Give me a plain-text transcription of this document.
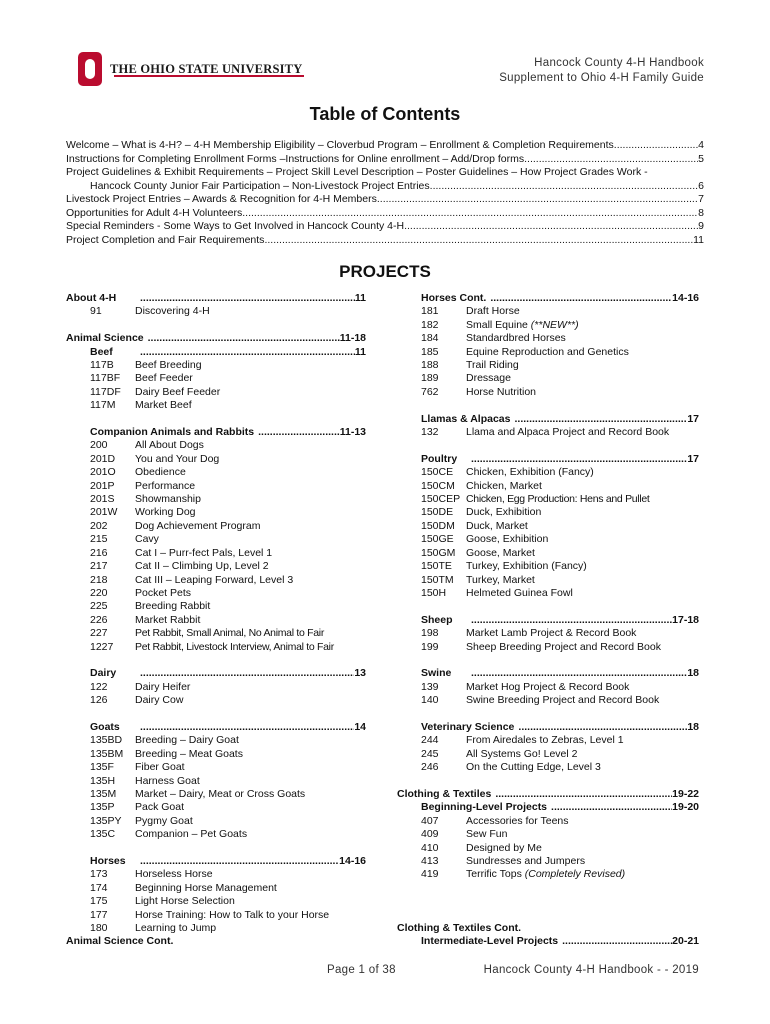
THE OHIO STATE UNIVERSITY	Hancock County 4-H Handbook
Supplement to Ohio 4-H Family Guide
Table of Contents
Welcome – What is 4-H? – 4-H Membership Eligibility – Cloverbud Program – Enrollment & Completion Requirements .....	4
Instructions for Completing Enrollment Forms –Instructions for Online enrollment – Add/Drop forms .....	5
Project Guidelines & Exhibit Requirements – Project Skill Level Description – Poster Guidelines – How Project Grades Work -
Hancock County Junior Fair Participation – Non-Livestock Project Entries .....	6
Livestock Project Entries – Awards & Recognition for 4-H Members .....	7
Opportunities for Adult 4-H Volunteers .....	8
Special Reminders - Some Ways to Get Involved in Hancock County 4-H .....	9
Project Completion and Fair Requirements .....	11
PROJECTS
About 4-H .....	11
91	Discovering 4-H
Animal Science .....	11-18
Beef .....	11
117B	Beef Breeding
117BF	Beef Feeder
117DF	Dairy Beef Feeder
117M	Market Beef
Companion Animals and Rabbits .....	11-13
200	All About Dogs
201D	You and Your Dog
201O	Obedience
201P	Performance
201S	Showmanship
201W	Working Dog
202	Dog Achievement Program
215	Cavy
216	Cat I – Purr-fect Pals, Level 1
217	Cat II – Climbing Up, Level 2
218	Cat III – Leaping Forward, Level 3
220	Pocket Pets
225	Breeding Rabbit
226	Market Rabbit
227	Pet Rabbit, Small Animal, No Animal to Fair
1227	Pet Rabbit, Livestock Interview, Animal to Fair
Dairy .....	13
122	Dairy Heifer
126	Dairy Cow
Goats .....	14
135BD	Breeding – Dairy Goat
135BM	Breeding – Meat Goats
135F	Fiber Goat
135H	Harness Goat
135M	Market – Dairy, Meat or Cross Goats
135P	Pack Goat
135PY	Pygmy Goat
135C	Companion – Pet Goats
Horses .....	14-16
173	Horseless Horse
174	Beginning Horse Management
175	Light Horse Selection
177	Horse Training: How to Talk to your Horse
180	Learning to Jump
Animal Science Cont.
Horses Cont. .....	14-16
181	Draft Horse
182	Small Equine (**NEW**)
184	Standardbred Horses
185	Equine Reproduction and Genetics
188	Trail Riding
189	Dressage
762	Horse Nutrition
Llamas & Alpacas .....	17
132	Llama and Alpaca Project and Record Book
Poultry .....	17
150CE	Chicken, Exhibition (Fancy)
150CM	Chicken, Market
150CEP Chicken, Egg Production: Hens and Pullet
150DE	Duck, Exhibition
150DM	Duck, Market
150GE	Goose, Exhibition
150GM	Goose, Market
150TE	Turkey, Exhibition (Fancy)
150TM	Turkey, Market
150H	Helmeted Guinea Fowl
Sheep .....	17-18
198	Market Lamb Project & Record Book
199	Sheep Breeding Project and Record Book
Swine .....	18
139	Market Hog Project & Record Book
140	Swine Breeding Project and Record Book
Veterinary Science .....	18
244	From Airedales to Zebras, Level 1
245	All Systems Go! Level 2
246	On the Cutting Edge, Level 3
Clothing & Textiles .....	19-22
Beginning-Level Projects .....	19-20
407	Accessories for Teens
409	Sew Fun
410	Designed by Me
413	Sundresses and Jumpers
419	Terrific Tops (Completely Revised)
Clothing & Textiles Cont.
Intermediate-Level Projects .....	20-21
Page 1 of 38	Hancock County 4-H Handbook - - 2019
